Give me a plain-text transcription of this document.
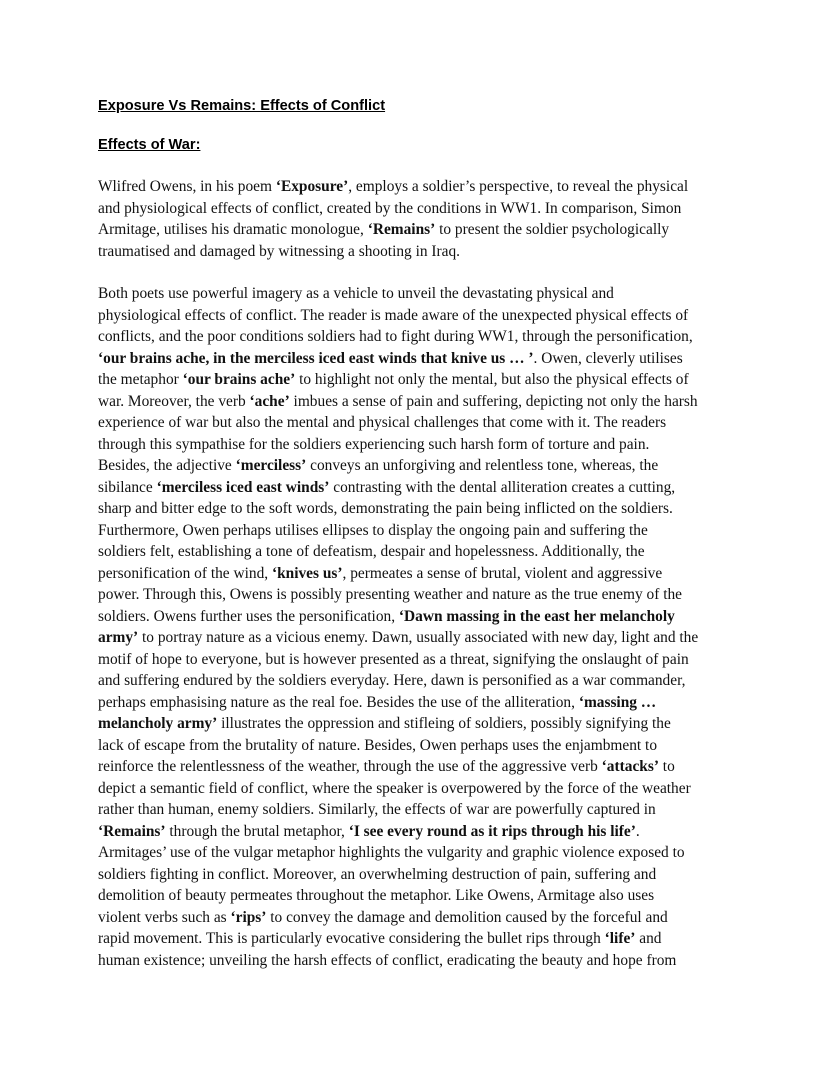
Exposure Vs Remains: Effects of Conflict
Effects of War:
Wlifred Owens, in his poem ‘Exposure’, employs a soldier’s perspective, to reveal the physical
and physiological effects of conflict, created by the conditions in WW1. In comparison, Simon
Armitage, utilises his dramatic monologue, ‘Remains’ to present the soldier psychologically
traumatised and damaged by witnessing a shooting in Iraq.
Both poets use powerful imagery as a vehicle to unveil the devastating physical and
physiological effects of conflict. The reader is made aware of the unexpected physical effects of
conflicts, and the poor conditions soldiers had to fight during WW1, through the personification,
‘our brains ache, in the merciless iced east winds that knive us … ’. Owen, cleverly utilises
the metaphor ‘our brains ache’ to highlight not only the mental, but also the physical effects of
war. Moreover, the verb ‘ache’ imbues a sense of pain and suffering, depicting not only the harsh
experience of war but also the mental and physical challenges that come with it. The readers
through this sympathise for the soldiers experiencing such harsh form of torture and pain.
Besides, the adjective ‘merciless’ conveys an unforgiving and relentless tone, whereas, the
sibilance ‘merciless iced east winds’ contrasting with the dental alliteration creates a cutting,
sharp and bitter edge to the soft words, demonstrating the pain being inflicted on the soldiers.
Furthermore, Owen perhaps utilises ellipses to display the ongoing pain and suffering the
soldiers felt, establishing a tone of defeatism, despair and hopelessness. Additionally, the
personification of the wind, ‘knives us’, permeates a sense of brutal, violent and aggressive
power. Through this, Owens is possibly presenting weather and nature as the true enemy of the
soldiers. Owens further uses the personification, ‘Dawn massing in the east her melancholy
army’ to portray nature as a vicious enemy. Dawn, usually associated with new day, light and the
motif of hope to everyone, but is however presented as a threat, signifying the onslaught of pain
and suffering endured by the soldiers everyday. Here, dawn is personified as a war commander,
perhaps emphasising nature as the real foe. Besides the use of the alliteration, ‘massing …
melancholy army’ illustrates the oppression and stifleing of soldiers, possibly signifying the
lack of escape from the brutality of nature. Besides, Owen perhaps uses the enjambment to
reinforce the relentlessness of the weather, through the use of the aggressive verb ‘attacks’ to
depict a semantic field of conflict, where the speaker is overpowered by the force of the weather
rather than human, enemy soldiers. Similarly, the effects of war are powerfully captured in
‘Remains’ through the brutal metaphor, ‘I see every round as it rips through his life’.
Armitages’ use of the vulgar metaphor highlights the vulgarity and graphic violence exposed to
soldiers fighting in conflict. Moreover, an overwhelming destruction of pain, suffering and
demolition of beauty permeates throughout the metaphor. Like Owens, Armitage also uses
violent verbs such as ‘rips’ to convey the damage and demolition caused by the forceful and
rapid movement. This is particularly evocative considering the bullet rips through ‘life’ and
human existence; unveiling the harsh effects of conflict, eradicating the beauty and hope from
